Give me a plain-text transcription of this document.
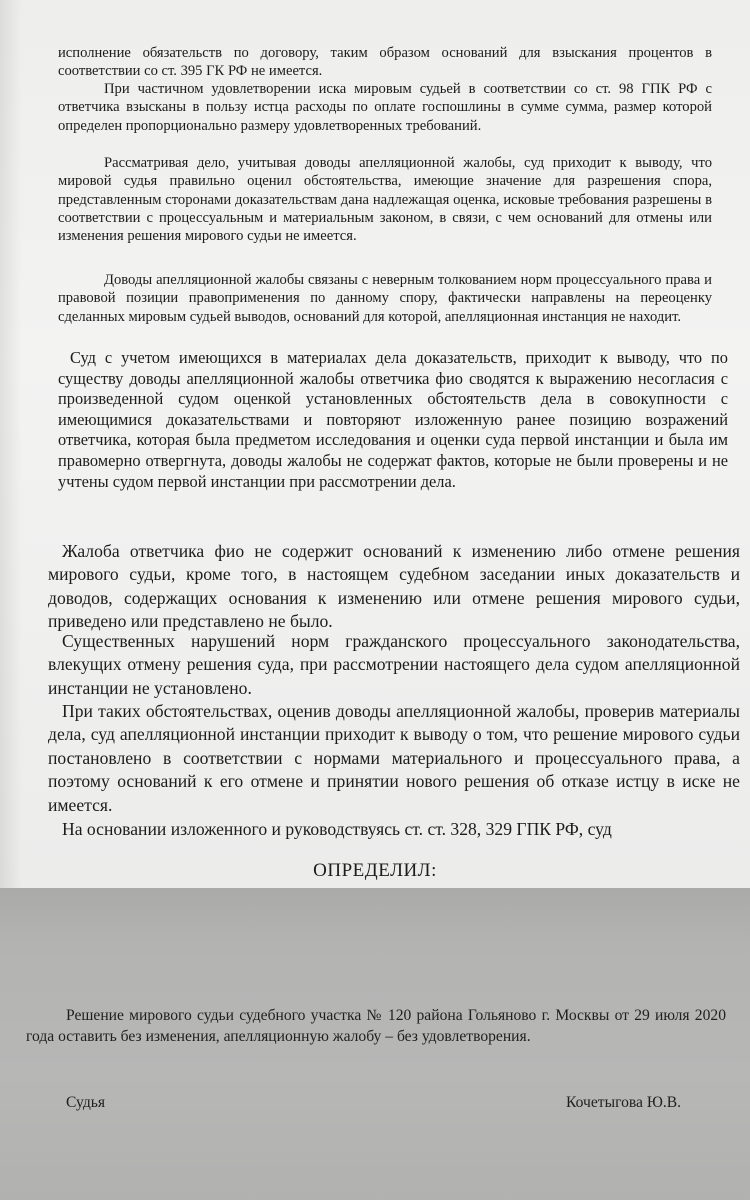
исполнение обязательств по договору, таким образом оснований для взыскания процентов в соответствии со ст. 395 ГК РФ не имеется.

При частичном удовлетворении иска мировым судьей в соответствии со ст. 98 ГПК РФ с ответчика взысканы в пользу истца расходы по оплате госпошлины в сумме сумма, размер которой определен пропорционально размеру удовлетворенных требований.

Рассматривая дело, учитывая доводы апелляционной жалобы, суд приходит к выводу, что мировой судья правильно оценил обстоятельства, имеющие значение для разрешения спора, представленным сторонами доказательствам дана надлежащая оценка, исковые требования разрешены в соответствии с процессуальным и материальным законом, в связи, с чем оснований для отмены или изменения решения мирового судьи не имеется.

Доводы апелляционной жалобы связаны с неверным толкованием норм процессуального права и правовой позиции правоприменения по данному спору, фактически направлены на переоценку сделанных мировым судьей выводов, оснований для которой, апелляционная инстанция не находит.

Суд с учетом имеющихся в материалах дела доказательств, приходит к выводу, что по существу доводы апелляционной жалобы ответчика фио сводятся к выражению несогласия с произведенной судом оценкой установленных обстоятельств дела в совокупности с имеющимися доказательствами и повторяют изложенную ранее позицию возражений ответчика, которая была предметом исследования и оценки суда первой инстанции и была им правомерно отвергнута, доводы жалобы не содержат фактов, которые не были проверены и не учтены судом первой инстанции при рассмотрении дела.

Жалоба ответчика фио не содержит оснований к изменению либо отмене решения мирового судьи, кроме того, в настоящем судебном заседании иных доказательств и доводов, содержащих основания к изменению или отмене решения мирового судьи, приведено или представлено не было.

Существенных нарушений норм гражданского процессуального законодательства, влекущих отмену решения суда, при рассмотрении настоящего дела судом апелляционной инстанции не установлено.

При таких обстоятельствах, оценив доводы апелляционной жалобы, проверив материалы дела, суд апелляционной инстанции приходит к выводу о том, что решение мирового судьи постановлено в соответствии с нормами материального и процессуального права, а поэтому оснований к его отмене и принятии нового решения об отказе истцу в иске не имеется.

На основании изложенного и руководствуясь ст. ст. 328, 329 ГПК РФ, суд

ОПРЕДЕЛИЛ:

Решение мирового судьи судебного участка № 120 района Гольяново г. Москвы от 29 июля 2020 года оставить без изменения, апелляционную жалобу – без удовлетворения.

Судья	Кочетыгова Ю.В.
